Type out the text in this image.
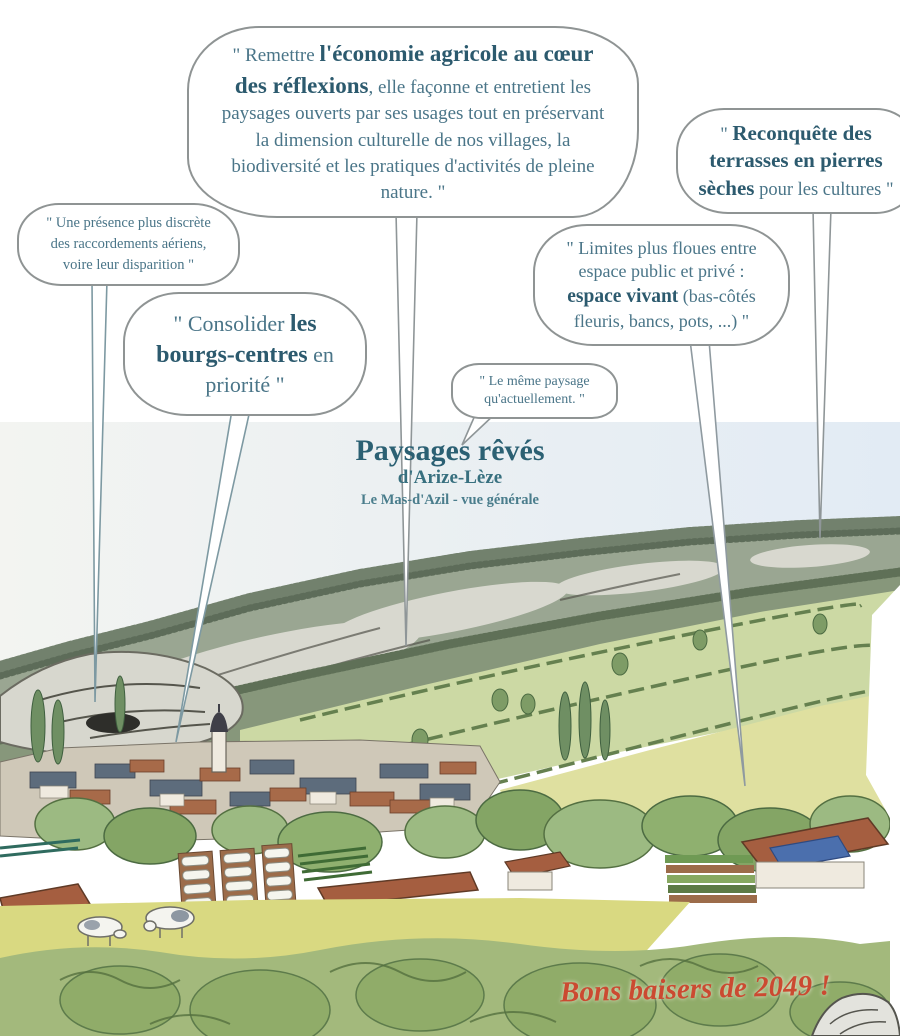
" Remettre l'économie agricole au cœur des réflexions, elle façonne et entretient les paysages ouverts par ses usages tout en préservant la dimension culturelle de nos villages, la biodiversité et les pratiques d'activités de pleine nature. "
" Reconquête des terrasses en pierres sèches pour les cultures "
" Une présence plus discrète des raccordements aériens, voire leur disparition "
" Consolider les bourgs-centres en priorité "
" Limites plus floues entre espace public et privé : espace vivant (bas-côtés fleuris, bancs, pots, ...) "
" Le même paysage qu'actuellement. "
Paysages rêvés
d'Arize-Lèze
Le Mas-d'Azil - vue générale
Bons baisers de 2049 !
